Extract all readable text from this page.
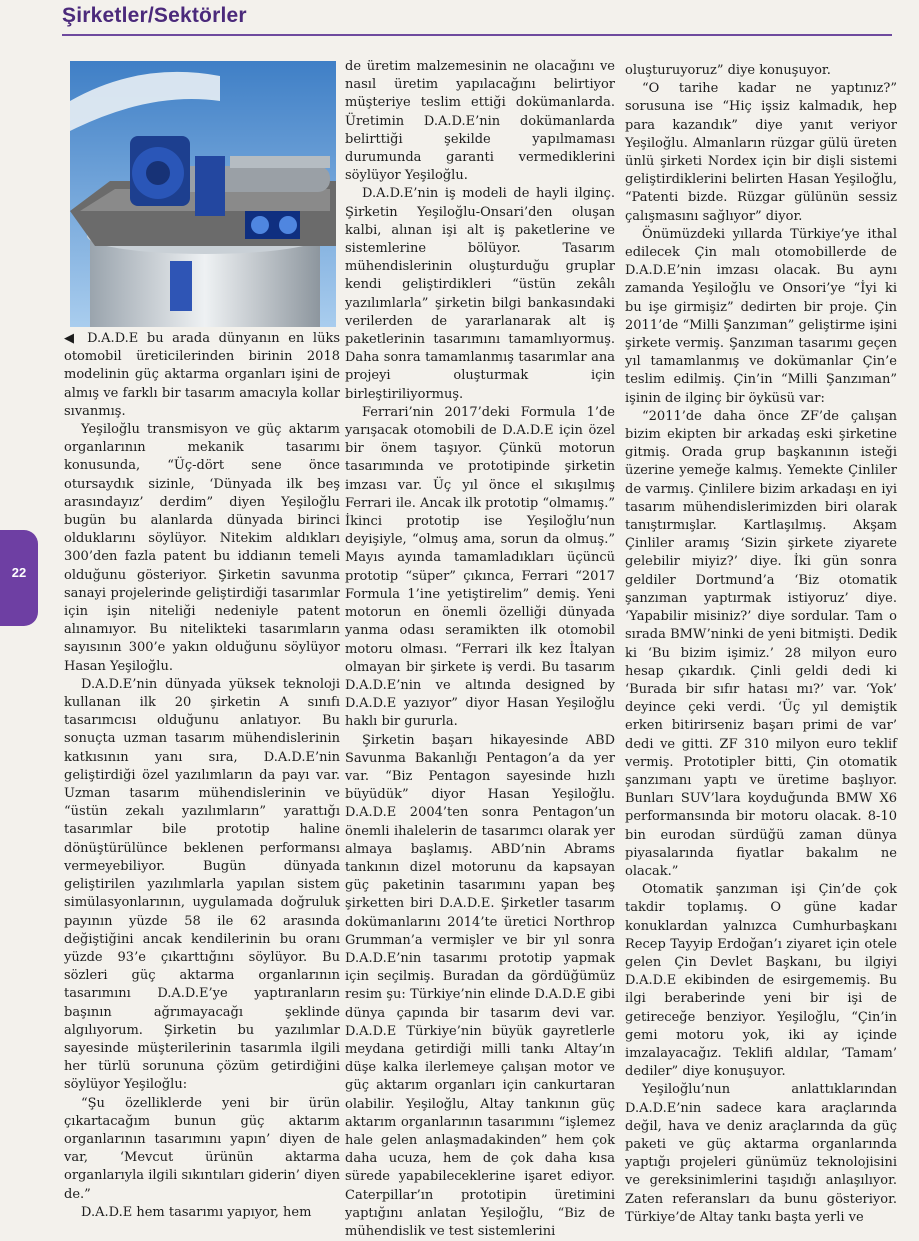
Şirketler/Sektörler
22

◀ D.A.D.E bu arada dünyanın en lüks otomobil üreticilerinden birinin 2018 modelinin güç aktarma organları işini de almış ve farklı bir tasarım amacıyla kollar sıvanmış.

Yeşiloğlu transmisyon ve güç aktarım organlarının mekanik tasarımı konusunda, “Üç-dört sene önce otursaydık sizinle, ‘Dünyada ilk beş arasındayız’ derdim” diyen Yeşiloğlu bugün bu alanlarda dünyada birinci olduklarını söylüyor. Nitekim aldıkları 300’den fazla patent bu iddianın temeli olduğunu gösteriyor. Şirketin savunma sanayi projelerinde geliştirdiği tasarımlar için işin niteliği nedeniyle patent alınamıyor. Bu nitelikteki tasarımların sayısının 300’e yakın olduğunu söylüyor Hasan Yeşiloğlu.

D.A.D.E’nin dünyada yüksek teknoloji kullanan ilk 20 şirketin A sınıfı tasarımcısı olduğunu anlatıyor. Bu sonuçta uzman tasarım mühendislerinin katkısının yanı sıra, D.A.D.E’nin geliştirdiği özel yazılımların da payı var. Uzman tasarım mühendislerinin ve “üstün zekalı yazılımların” yarattığı tasarımlar bile prototip haline dönüştürülünce beklenen performansı vermeyebiliyor. Bugün dünyada geliştirilen yazılımlarla yapılan sistem simülasyonlarının, uygulamada doğruluk payının yüzde 58 ile 62 arasında değiştiğini ancak kendilerinin bu oranı yüzde 93’e çıkarttığını söylüyor. Bu sözleri güç aktarma organlarının tasarımını D.A.D.E’ye yaptıranların başının ağrımayacağı şeklinde algılıyorum. Şirketin bu yazılımlar sayesinde müşterilerinin tasarımla ilgili her türlü sorununa çözüm getirdiğini söylüyor Yeşiloğlu:

“Şu özelliklerde yeni bir ürün çıkartacağım bunun güç aktarım organlarının tasarımını yapın’ diyen de var, ‘Mevcut ürünün aktarma organlarıyla ilgili sıkıntıları giderin’ diyen de.”

D.A.D.E hem tasarımı yapıyor, hem

de üretim malzemesinin ne olacağını ve nasıl üretim yapılacağını belirtiyor müşteriye teslim ettiği dokümanlarda. Üretimin D.A.D.E’nin dokümanlarda belirttiği şekilde yapılmaması durumunda garanti vermediklerini söylüyor Yeşiloğlu.

D.A.D.E’nin iş modeli de hayli ilginç. Şirketin Yeşiloğlu-Onsari’den oluşan kalbi, alınan işi alt iş paketlerine ve sistemlerine bölüyor. Tasarım mühendislerinin oluşturduğu gruplar kendi geliştirdikleri “üstün zekâlı yazılımlarla” şirketin bilgi bankasındaki verilerden de yararlanarak alt iş paketlerinin tasarımını tamamlıyormuş. Daha sonra tamamlanmış tasarımlar ana projeyi oluşturmak için birleştiriliyormuş.

Ferrari’nin 2017’deki Formula 1’de yarışacak otomobili de D.A.D.E için özel bir önem taşıyor. Çünkü motorun tasarımında ve prototipinde şirketin imzası var. Üç yıl önce el sıkışılmış Ferrari ile. Ancak ilk prototip “olmamış.” İkinci prototip ise Yeşiloğlu’nun deyişiyle, “olmuş ama, sorun da olmuş.” Mayıs ayında tamamladıkları üçüncü prototip “süper” çıkınca, Ferrari “2017 Formula 1’ine yetiştirelim” demiş. Yeni motorun en önemli özelliği dünyada yanma odası seramikten ilk otomobil motoru olması. “Ferrari ilk kez İtalyan olmayan bir şirkete iş verdi. Bu tasarım D.A.D.E’nin ve altında designed by D.A.D.E yazıyor” diyor Hasan Yeşiloğlu haklı bir gururla.

Şirketin başarı hikayesinde ABD Savunma Bakanlığı Pentagon’a da yer var. “Biz Pentagon sayesinde hızlı büyüdük” diyor Hasan Yeşiloğlu. D.A.D.E 2004’ten sonra Pentagon’un önemli ihalelerin de tasarımcı olarak yer almaya başlamış. ABD’nin Abrams tankının dizel motorunu da kapsayan güç paketinin tasarımını yapan beş şirketten biri D.A.D.E. Şirketler tasarım dokümanlarını 2014’te üretici Northrop Grumman’a vermişler ve bir yıl sonra D.A.D.E’nin tasarımı prototip yapmak için seçilmiş. Buradan da gördüğümüz resim şu: Türkiye’nin elinde D.A.D.E gibi dünya çapında bir tasarım devi var. D.A.D.E Türkiye’nin büyük gayretlerle meydana getirdiği milli tankı Altay’ın düşe kalka ilerlemeye çalışan motor ve güç aktarım organları için cankurtaran olabilir. Yeşiloğlu, Altay tankının güç aktarım organlarının tasarımını “işlemez hale gelen anlaşmadakinden” hem çok daha ucuza, hem de çok daha kısa sürede yapabileceklerine işaret ediyor. Caterpillar’ın prototipin üretimini yaptığını anlatan Yeşiloğlu, “Biz de mühendislik ve test sistemlerini

oluşturuyoruz” diye konuşuyor.

“O tarihe kadar ne yaptınız?” sorusuna ise “Hiç işsiz kalmadık, hep para kazandık” diye yanıt veriyor Yeşiloğlu. Almanların rüzgar gülü üreten ünlü şirketi Nordex için bir dişli sistemi geliştirdiklerini belirten Hasan Yeşiloğlu, “Patenti bizde. Rüzgar gülünün sessiz çalışmasını sağlıyor” diyor.

Önümüzdeki yıllarda Türkiye’ye ithal edilecek Çin malı otomobillerde de D.A.D.E’nin imzası olacak. Bu aynı zamanda Yeşiloğlu ve Onsori’ye “İyi ki bu işe girmişiz” dedirten bir proje. Çin 2011’de “Milli Şanzıman” geliştirme işini şirkete vermiş. Şanzıman tasarımı geçen yıl tamamlanmış ve dokümanlar Çin’e teslim edilmiş. Çin’in “Milli Şanzıman” işinin de ilginç bir öyküsü var:

“2011’de daha önce ZF’de çalışan bizim ekipten bir arkadaş eski şirketine gitmiş. Orada grup başkanının isteği üzerine yemeğe kalmış. Yemekte Çinliler de varmış. Çinlilere bizim arkadaşı en iyi tasarım mühendislerimizden biri olarak tanıştırmışlar. Kartlaşılmış. Akşam Çinliler aramış ‘Sizin şirkete ziyarete gelebilir miyiz?’ diye. İki gün sonra geldiler Dortmund’a ‘Biz otomatik şanzıman yaptırmak istiyoruz’ diye. ‘Yapabilir misiniz?’ diye sordular. Tam o sırada BMW’ninki de yeni bitmişti. Dedik ki ‘Bu bizim işimiz.’ 28 milyon euro hesap çıkardık. Çinli geldi dedi ki ‘Burada bir sıfır hatası mı?’ var. ‘Yok’ deyince çeki verdi. ‘Üç yıl demiştik erken bitirirseniz başarı primi de var’ dedi ve gitti. ZF 310 milyon euro teklif vermiş. Prototipler bitti, Çin otomatik şanzımanı yaptı ve üretime başlıyor. Bunları SUV’lara koyduğunda BMW X6 performansında bir motoru olacak. 8-10 bin eurodan sürdüğü zaman dünya piyasalarında fiyatlar bakalım ne olacak.”

Otomatik şanzıman işi Çin’de çok takdir toplamış. O güne kadar konuklardan yalnızca Cumhurbaşkanı Recep Tayyip Erdoğan’ı ziyaret için otele gelen Çin Devlet Başkanı, bu ilgiyi D.A.D.E ekibinden de esirgememiş. Bu ilgi beraberinde yeni bir işi de getireceğe benziyor. Yeşiloğlu, “Çin’in gemi motoru yok, iki ay içinde imzalayacağız. Teklifi aldılar, ‘Tamam’ dediler” diye konuşuyor.

Yeşiloğlu’nun anlattıklarından D.A.D.E’nin sadece kara araçlarında değil, hava ve deniz araçlarında da güç paketi ve güç aktarma organlarında yaptığı projeleri günümüz teknolojisini ve gereksinimlerini taşıdığı anlaşılıyor. Zaten referansları da bunu gösteriyor. Türkiye’de Altay tankı başta yerli ve
